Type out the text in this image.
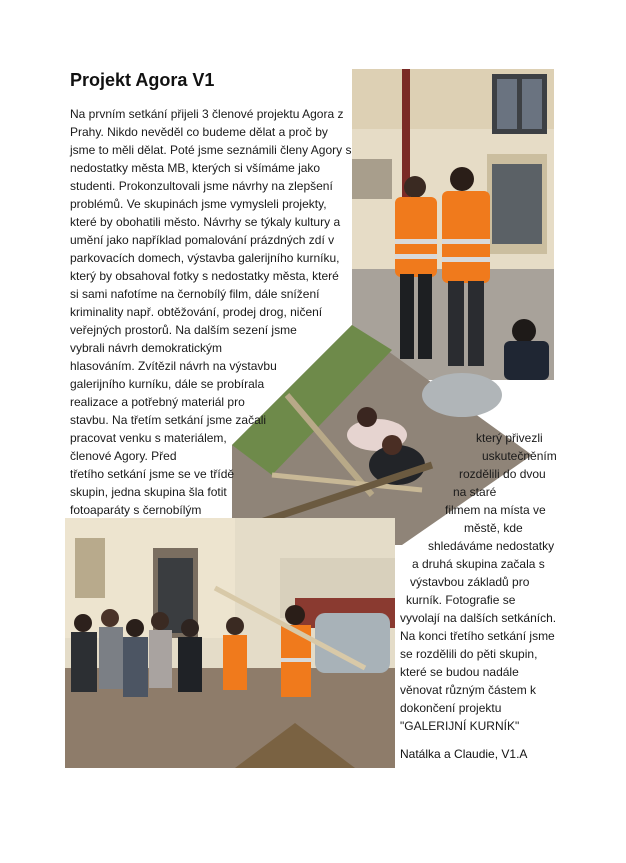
Projekt Agora V1
Na prvním setkání přijeli 3 členové projektu Agora z
Prahy. Nikdo nevěděl co budeme dělat a proč by
jsme to měli dělat. Poté jsme seznámili členy Agory s
nedostatky města MB, kterých si všímáme jako
studenti. Prokonzultovali jsme návrhy na zlepšení
problémů. Ve skupinách jsme vymysleli projekty,
které by obohatili město. Návrhy se týkaly kultury a
umění jako například pomalování prázdných zdí v
parkovacích domech, výstavba galerijního kurníku,
který by obsahoval fotky s nedostatky města, které
si sami nafotíme na černobílý film, dále snížení
kriminality např. obtěžování, prodej drog, ničení
veřejných prostorů. Na dalším sezení jsme
vybrali návrh demokratickým
hlasováním. Zvítězil návrh na výstavbu
galerijního kurníku, dále se probírala
realizace a potřebný materiál pro
stavbu. Na třetím setkání jsme začali
pracovat venku s materiálem,	který přivezli
členové Agory. Před	uskutečněním
rozdělili do dvou
třetího setkání jsme se ve třídě
na staré
skupin, jedna skupina šla fotit
fotoaparáty s černobílým	filmem na místa ve
městě, kde
shledáváme nedostatky
a druhá skupina začala s
výstavbou základů pro
kurník. Fotografie se
vyvolají na dalších setkáních.
Na konci třetího setkání jsme
se rozdělili do pěti skupin,
které se budou nadále
věnovat různým částem k
dokončení projektu
"GALERIJNÍ KURNÍK"
Natálka a Claudie, V1.A
